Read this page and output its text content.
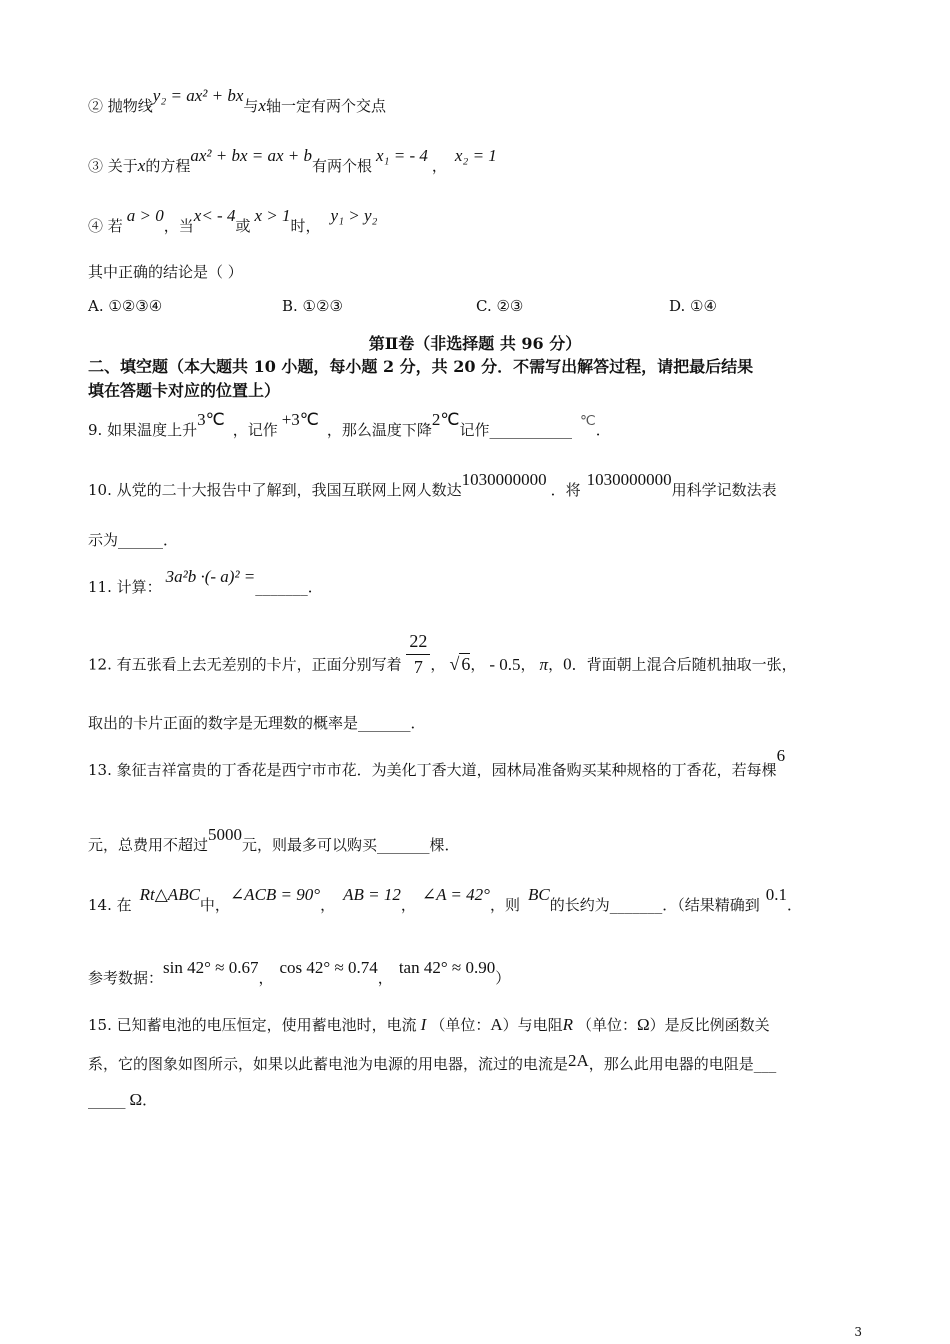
② 抛物线y₂ = ax² + bx与x轴一定有两个交点
③ 关于x的方程ax² + bx = ax + b有两个根x₁ = - 4，x₂ = 1
④ 若a > 0，当x< - 4或x > 1时，y₁ > y₂
其中正确的结论是（ ）
A. ①②③④	B. ①②③	C. ②③	D. ①④
第Ⅱ卷（非选择题 共 96 分）
二、填空题（本大题共 10 小题，每小题 2 分，共 20 分．不需写出解答过程，请把最后结果
填在答题卡对应的位置上）
9. 如果温度上升3℃，记作+3℃，那么温度下降2℃记作___________ ℃．
10. 从党的二十大报告中了解到，我国互联网上网人数达1030000000．将1030000000用科学记数法表
示为______．
11. 计算：3a²b ·(- a)² =_______．
12. 有五张看上去无差别的卡片，正面分别写着 $\frac{22}{7}$ ， √ 6， - 0.5， π，0．背面朝上混合后随机抽取一张，
取出的卡片正面的数字是无理数的概率是_______．
13. 象征吉祥富贵的丁香花是西宁市市花．为美化丁香大道，园林局准备购买某种规格的丁香花，若每棵6
元，总费用不超过5000元，则最多可以购买_______棵．
14. 在Rt△ABC中，∠ACB = 90°，AB = 12，∠A = 42°，则BC的长约为_______．（结果精确到0.1．
参考数据：sin 42° ≈ 0.67，cos 42° ≈ 0.74，tan 42° ≈ 0.90）
15. 已知蓄电池的电压恒定，使用蓄电池时，电流 I （单位：A）与电阻R （单位：Ω）是反比例函数关
系，它的图象如图所示，如果以此蓄电池为电源的用电器，流过的电流是2A，那么此用电器的电阻是___
_____ Ω．
3
